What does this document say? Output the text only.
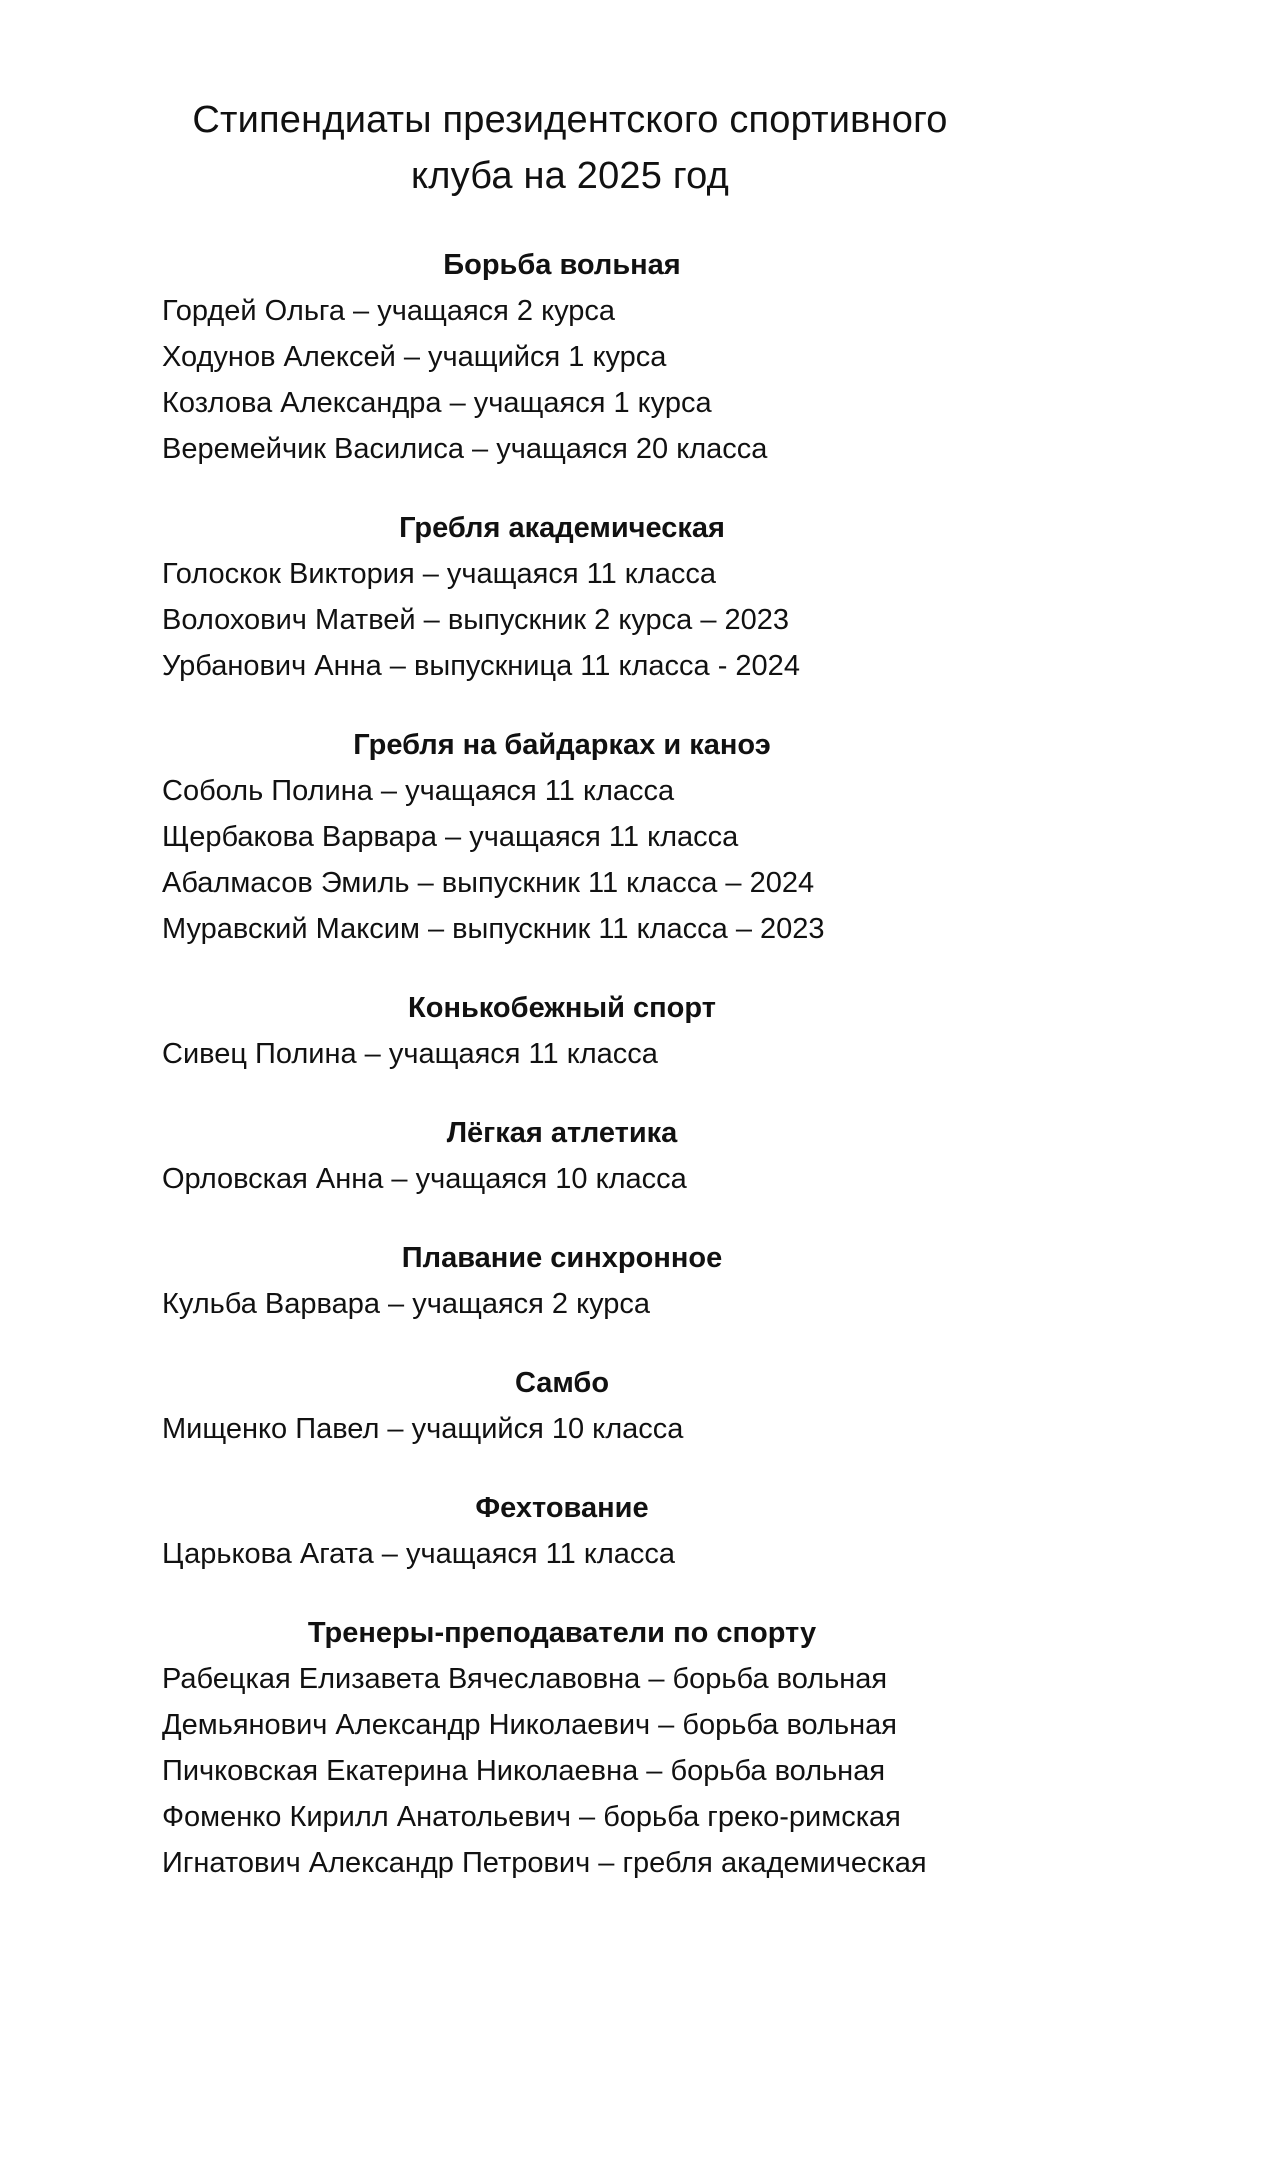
Стипендиаты президентского спортивного
клуба на 2025 год
Борьба вольная
Гордей Ольга – учащаяся 2 курса
Ходунов Алексей – учащийся 1 курса
Козлова Александра – учащаяся 1 курса
Веремейчик Василиса – учащаяся 20 класса
Гребля академическая
Голоскок Виктория – учащаяся 11 класса
Волохович Матвей – выпускник 2 курса – 2023
Урбанович Анна – выпускница 11 класса - 2024
Гребля на байдарках и каноэ
Соболь Полина – учащаяся 11 класса
Щербакова Варвара – учащаяся 11 класса
Абалмасов Эмиль – выпускник 11 класса – 2024
Муравский Максим – выпускник 11 класса – 2023
Конькобежный спорт
Сивец Полина – учащаяся 11 класса
Лёгкая атлетика
Орловская Анна – учащаяся 10 класса
Плавание синхронное
Кульба Варвара – учащаяся 2 курса
Самбо
Мищенко Павел – учащийся 10 класса
Фехтование
Царькова Агата – учащаяся 11 класса
Тренеры-преподаватели по спорту
Рабецкая Елизавета Вячеславовна – борьба вольная
Демьянович Александр Николаевич – борьба вольная
Пичковская Екатерина Николаевна – борьба вольная
Фоменко Кирилл Анатольевич – борьба греко-римская
Игнатович Александр Петрович – гребля академическая
